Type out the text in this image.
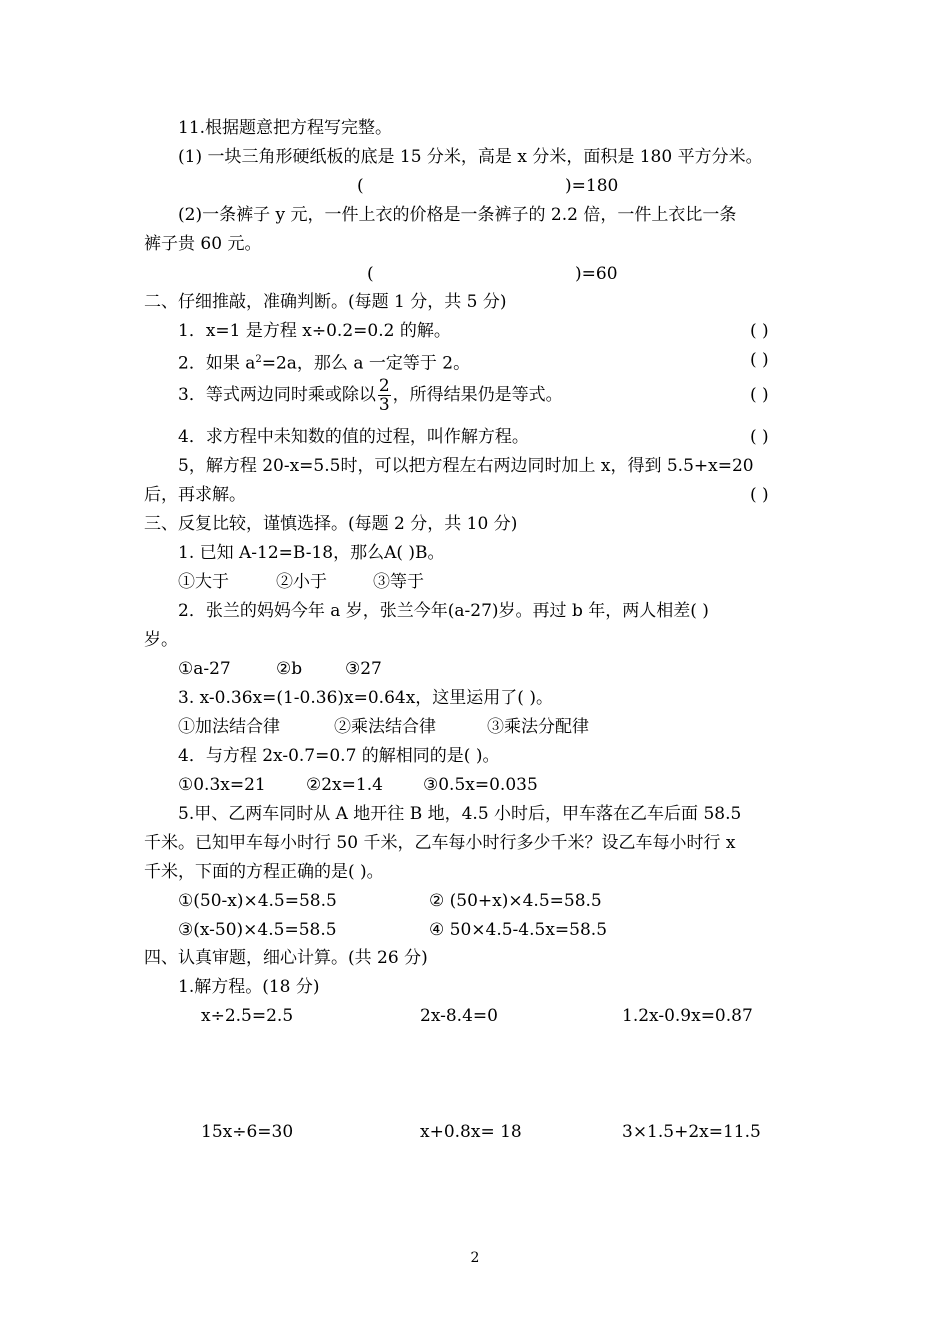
11.根据题意把方程写完整。
(1) 一块三角形硬纸板的底是 15 分米，高是 x 分米，面积是 180 平方分米。
(	)=180
(2)一条裤子 y 元，一件上衣的价格是一条裤子的 2.2 倍，一件上衣比一条
裤子贵 60 元。
(	)=60
二、仔细推敲，准确判断。(每题 1 分，共 5 分)
1．x=1 是方程 x÷0.2=0.2 的解。	( )
2．如果 $a^2=2a$，那么 a 一定等于 2。	( )
3．等式两边同时乘或除以 $\frac{2}{3}$ ，所得结果仍是等式。	( )
4．求方程中未知数的值的过程，叫作解方程。	( )
5，解方程 20-x=5.5时，可以把方程左右两边同时加上 x，得到 5.5+x=20
后，再求解。	( )
三、反复比较，谨慎选择。(每题 2 分，共 10 分)
1. 已知 A-12=B-18，那么A( )B。
①大于	②小于	③等于
2．张兰的妈妈今年 a 岁，张兰今年(a-27)岁。再过 b 年，两人相差( )
岁。
①a-27	②b	③27
3. x-0.36x=(1-0.36)x=0.64x，这里运用了( )。
①加法结合律	②乘法结合律	③乘法分配律
4．与方程 2x-0.7=0.7 的解相同的是( )。
①0.3x=21 ②2x=1.4 ③0.5x=0.035
5.甲、乙两车同时从 A 地开往 B 地，4.5 小时后，甲车落在乙车后面 58.5
千米。已知甲车每小时行 50 千米，乙车每小时行多少千米？设乙车每小时行 x
千米，下面的方程正确的是( )。
①(50-x)×4.5=58.5	② (50+x)×4.5=58.5
③(x-50)×4.5=58.5	④ 50×4.5-4.5x=58.5
四、认真审题，细心计算。(共 26 分)
1.解方程。(18 分)
x÷2.5=2.5	2x-8.4=0	1.2x-0.9x=0.87
15x÷6=30	x+0.8x= 18	3×1.5+2x=11.5
2
